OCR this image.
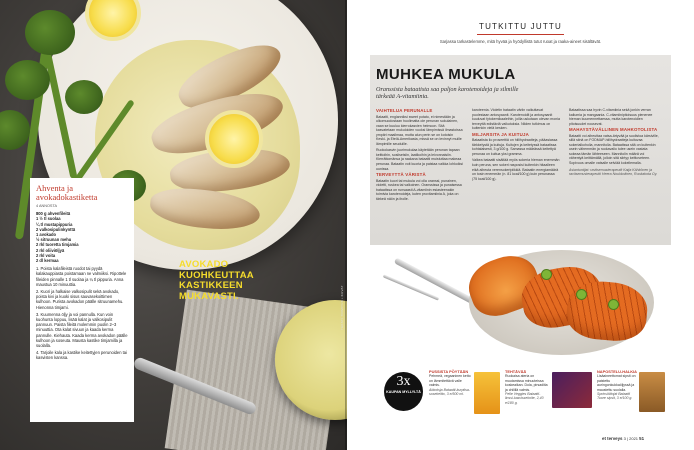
Ahventa ja avokadokastiketta
4 ANNOSTA
800 g ahvenfileitä
1 ½ tl suolaa
¼ tl mustapippuria
2 valkosipulinkynttä
1 avokado
½ sitruunan mehu
2 rkl tuoretta timjamia
2 rkl oliiviöljyä
2 rkl voita
2 dl kermaa

1. Poista kalafileistä ruodot tai pyydä kalakauppiasta poistamaan ne valmiiksi. Ripottele fileiden pinnalle 1 tl suolaa ja ¼ tl pippuria. Anna maustua 10 minuuttia.

2. Kuori ja halkaise valkosipulit sekä avokado, poista kivi ja kuoki sisus sauvasekoittimen kulhoon. Purista avokadon päälle sitruunamehu. Hienonna timjami.

3. Kuumenna öljy ja voi pannulla. Kun voin kuohunta loppuu, lisää kalat ja valkosipulit pannuun. Paista fileitä molemmin puolin 2–3 minuuttia. Ota kalat sivuun ja kaada kerma pannulle. Kiehauta. Kaada kerma avokadon päälle kulhoon ja soseuta. Mausta kastike timjamilla ja suolalla.

4. Tarjoile kala ja kastike keitettyjen perunoiden tai kasvisten kanssa.

AVOKADO KUOHKEUTTAA KASTIKKEEN MUKAVASTI.	TEKSTI TOIMITUS • KUVAT
TUTKITTU JUTTU
Sarjassa tarkastelemme, mitä hyvää ja hyödyllistä tutut ruoat ja raaka-aineet sisältävät.
MUHKEA MUKULA
Oranssista bataatista saa paljon karotenoideja ja silmille tärkeää A-vitamiinia.
VAIHTELUA PERUNALLE

Bataatti, englanniksi sweet potato, ei nimestään ja ulkomuodostaan huolimatta ole perunan sukulainen, vaan se kuuluu kierrokasvien heimoon. Sitä kasvatetaan mukuloiden vuoksi lämpimissä ilmastoissa ympäri maailmaa, mutta alun perin se on kotoisin Keski- ja Etelä-Amerikasta, missä se on levinnyt muille lämpimille seuduille.

Ruokokasvin juurimukulaa käytetään perunan tapaan keittoihin, sosiiseisiin, laatikoihin ja leivonnaisiin. Kierrättomänsa ja raakana bataatti muistuttaa makeaa perunaa. Bataatin voit kuoria ja paistaa vaikka lohkoiksi uunissa.

TERVEYTTÄ VÄRISTÄ

Bataatin kuori tai mukula voi olla oranssi, punainen, violetti, ruskea tai valkoinen. Oranssissa ja punaisessa bataatissa on runsaasti A-vitamiinin esiasteenakin toimivia karotenoideja, kuten provitamiinia A, joka on tärkeä näön ja iholle.

karoteenia. Violetin bataatin väriin vaikuttavat puolestaan antosyaanit. Karotenoidit ja antosyaanit kuuluvat fytokemikaaleihin, joilla uskotaan olevan monia terveyttä edistäviä vaikutuksia. Niiden tutkimus on kuitenkin vielä kesken.

MILJARSITA JA KUITUJA

Bataatista ilo proseettiä on hiilihydraatteja, pääasiassa tärkkelystä ja kuituja. Kuitujen ja keitetyssä bataatissa kohtalaisesti, 3 g/100 g. Samassa määrässä keitettyä perunaa on kuitua yksi gramma.

Valkea bataatti sisältää myös sokeria hieman enemmän kuin peruna, sen sokeri rasposisi kuitenkin hitaalleen eikä aiheuta verensokeripiikkiä. Bataatin energiamäärä on tosin enemmän (n. 81 kcal/100 g) kuin perunassa (75 kcal/100 g).

Bataatissa saa hyvin C-vitamiinia sekä jonkin verran kaliumia ja mangaania. C-vitamiinipitoisuus pienenee hieman kuumennettaessa, mutta karotenoidien pitoisuudet nousevat.

MAHAYSTÄVÄLLINEN MAHKOTOLISTA

Bataatti voi aiheuttaa vatsa-ärtyvää ja suolistoa kärsiville, sillä siinä on FODMAP-hiilihydraatteja kuituvaa sokerialkoholia, mannitolia. Bataatissa sitä on kuitenkin usein vähemmän ja ruokavalio tulee usein vastata sokeaa tämän lähteeseen. Mannitolin määrä voi vähentyä keittämällä, jolloin sitä siirtyy keittoveteen. Sopivuus omalle vatsalle selviää kokeilemalla.

Asiantuntijat: ravitsemusterapeutit Katja Kähkönen ja ravitsemusterapeutti Heera Noukkolinen, Ruokakota Oy.

3x
KAUPAN MYLLYLTÄ
PUSSISTA PÖYTÄÄN
Pehmeä, vegaaninen ketto on lämmitettävä valle valmis.
Abbotsja Bataatti-kurpitsa-sosekeitto, 3 e/500 ml.
TEHTÄVÄÄ
Ruokaisa ateria on muutamissa minuuteissa koskeaikan. Dola, pirsaditia ja chilillä valmis.
Pelle Veggies Bataatti-linssi-kasvissekoite, 2,40 e/180 g.
NAPOSTELU-HALKIA
Lisäaineettomat sipsit on paistettu auringonkukkaöljyssä ja maustettu suolalla.
Sprinsiöttojat Bataatti Tuore sipsit, 3 e/100 g.
et terveys 3 | 2021 51
